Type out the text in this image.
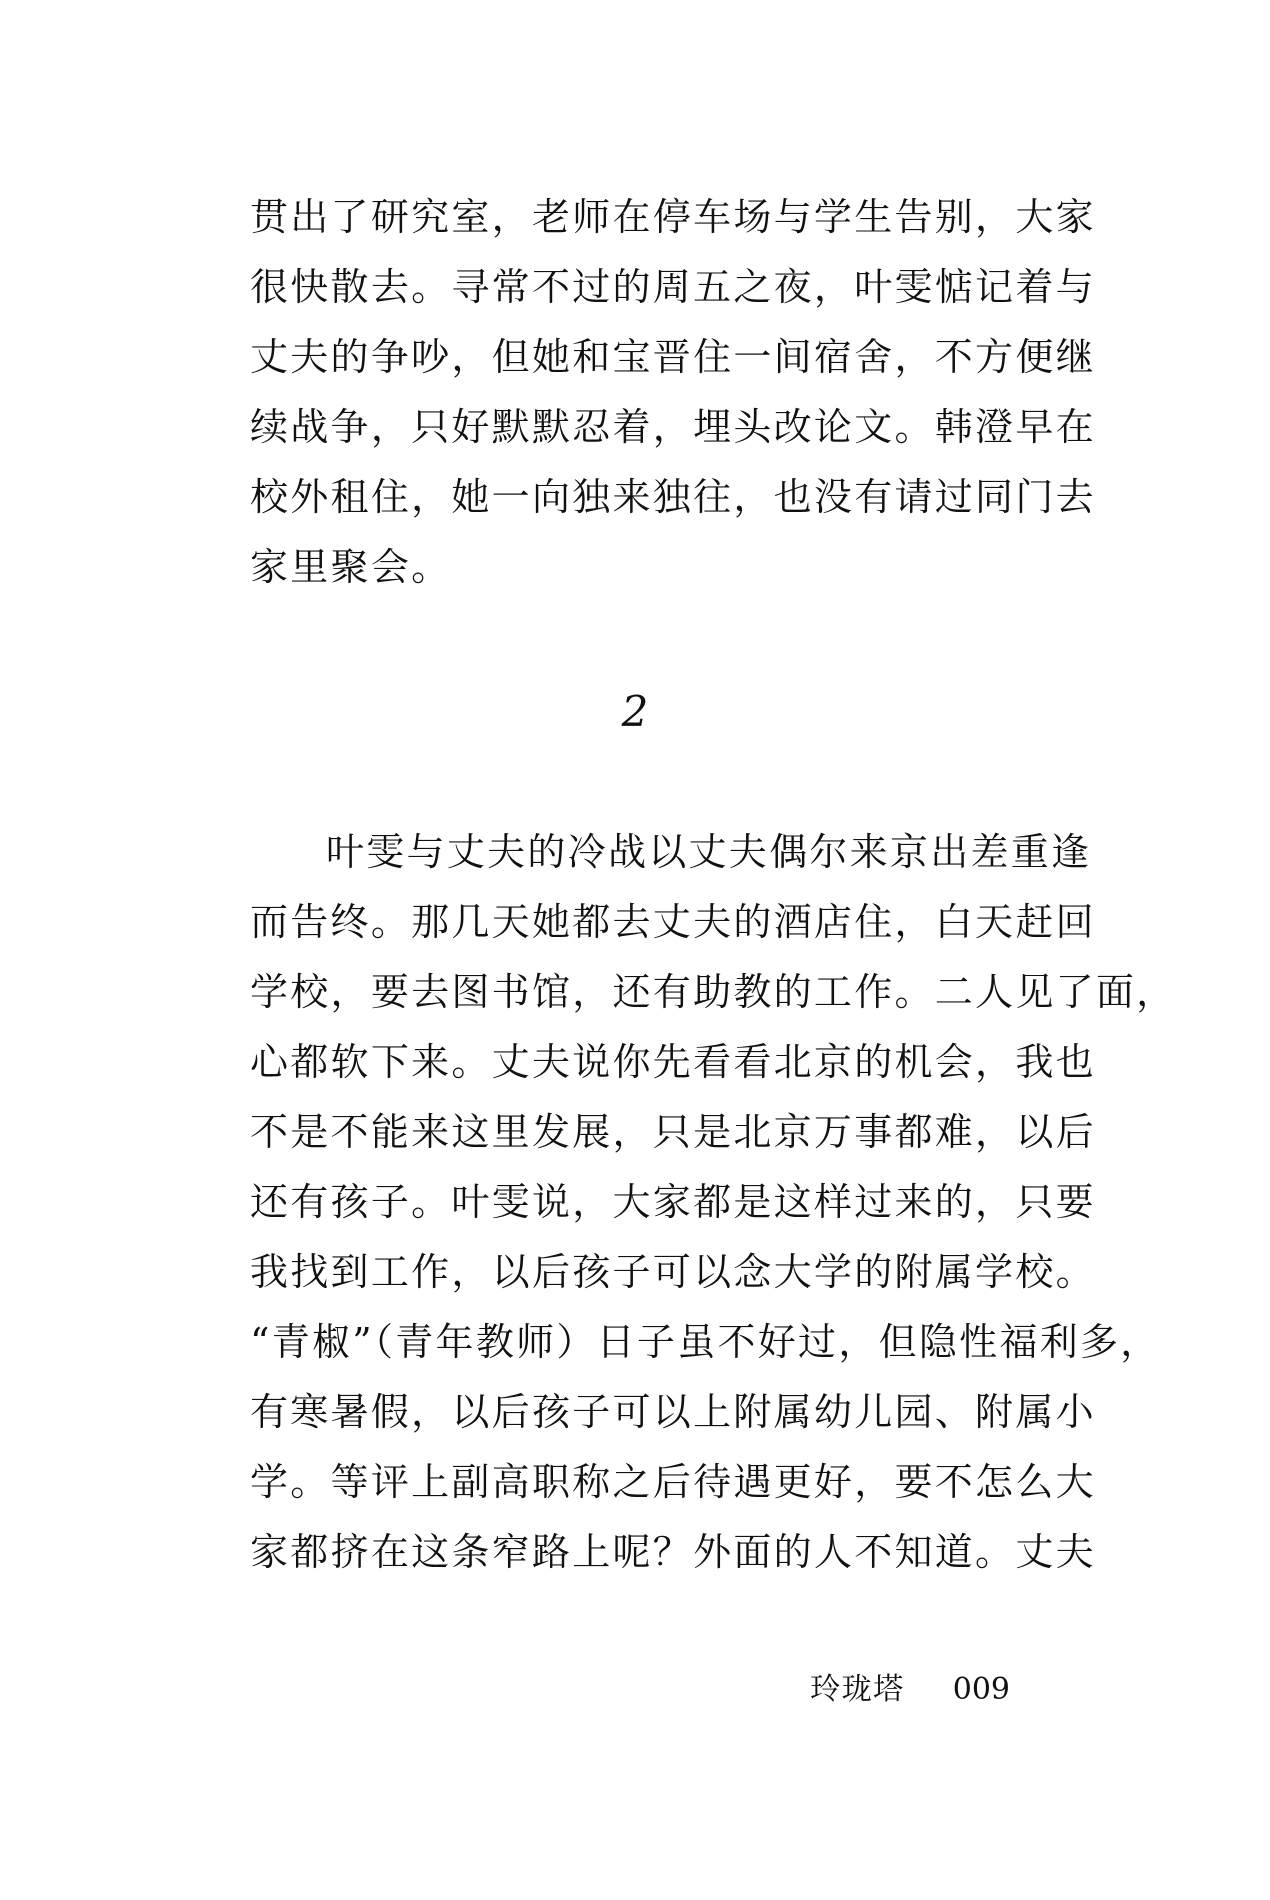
贯出了研究室，老师在停车场与学生告别，大家
很快散去。寻常不过的周五之夜，叶雯惦记着与
丈夫的争吵，但她和宝晋住一间宿舍，不方便继
续战争，只好默默忍着，埋头改论文。韩澄早在
校外租住，她一向独来独往，也没有请过同门去
家里聚会。
2
叶雯与丈夫的冷战以丈夫偶尔来京出差重逢
而告终。那几天她都去丈夫的酒店住，白天赶回
学校，要去图书馆，还有助教的工作。二人见了面，
心都软下来。丈夫说你先看看北京的机会，我也
不是不能来这里发展，只是北京万事都难，以后
还有孩子。叶雯说，大家都是这样过来的，只要
我找到工作，以后孩子可以念大学的附属学校。
“青椒”（青年教师）日子虽不好过，但隐性福利多，
有寒暑假，以后孩子可以上附属幼儿园、附属小
学。等评上副高职称之后待遇更好，要不怎么大
家都挤在这条窄路上呢？外面的人不知道。丈夫
玲珑塔 009
